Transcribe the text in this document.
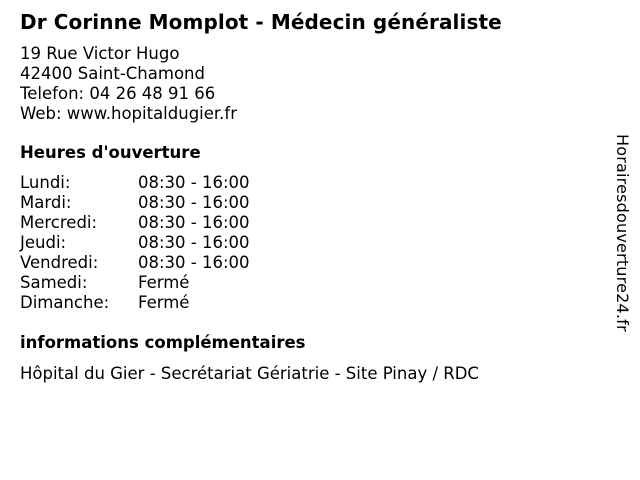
Dr Corinne Momplot - Médecin généraliste
19 Rue Victor Hugo
42400 Saint-Chamond
Telefon: 04 26 48 91 66
Web: www.hopitaldugier.fr
Heures d'ouverture
Lundi:	08:30 - 16:00
Mardi:	08:30 - 16:00
Mercredi:	08:30 - 16:00
Jeudi:	08:30 - 16:00
Vendredi:	08:30 - 16:00
Samedi:	Fermé
Dimanche:	Fermé
informations complémentaires
Hôpital du Gier - Secrétariat Gériatrie - Site Pinay / RDC
Horairesdouverture24.fr
